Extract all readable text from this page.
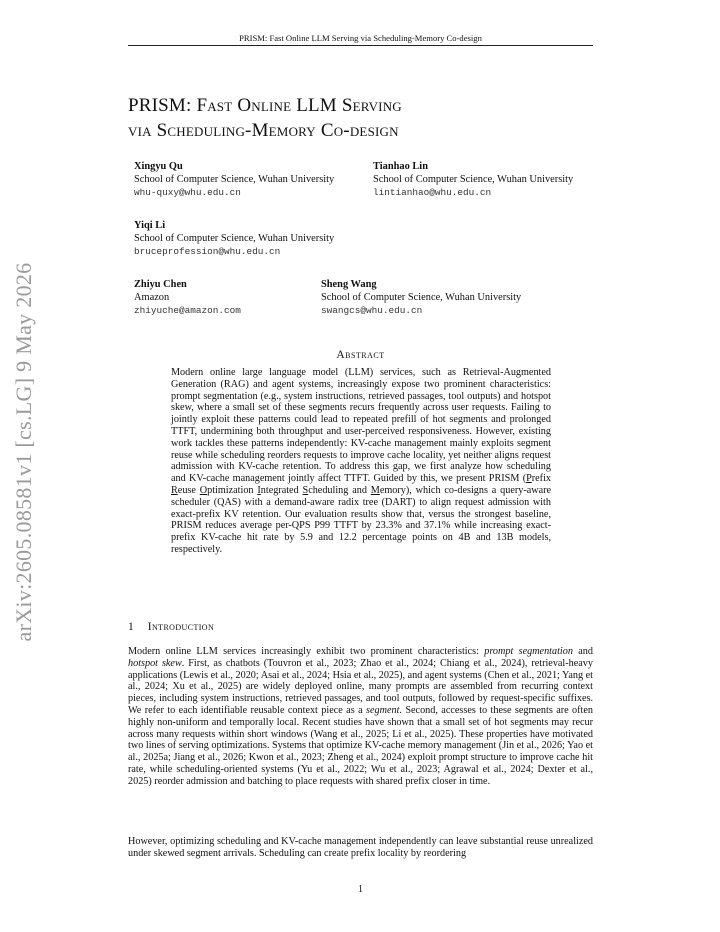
PRISM: Fast Online LLM Serving via Scheduling-Memory Co-design
PRISM: Fast Online LLM Serving
via Scheduling-Memory Co-design
Xingyu Qu
School of Computer Science, Wuhan University
whu-quxy@whu.edu.cn
Tianhao Lin
School of Computer Science, Wuhan University
lintianhao@whu.edu.cn
Yiqi Li
School of Computer Science, Wuhan University
bruceprofession@whu.edu.cn
Zhiyu Chen
Amazon
zhiyuche@amazon.com
Sheng Wang
School of Computer Science, Wuhan University
swangcs@whu.edu.cn
arXiv:2605.08581v1 [cs.LG] 9 May 2026	Abstract
Modern online large language model (LLM) services, such as Retrieval-Augmented Generation (RAG) and agent systems, increasingly expose two prominent characteristics: prompt segmentation (e.g., system instructions, retrieved passages, tool outputs) and hotspot skew, where a small set of these segments recurs frequently across user requests. Failing to jointly exploit these patterns could lead to repeated prefill of hot segments and prolonged TTFT, undermining both throughput and user-perceived responsiveness. However, existing work tackles these patterns independently: KV-cache management mainly exploits segment reuse while scheduling reorders requests to improve cache locality, yet neither aligns request admission with KV-cache retention. To address this gap, we first analyze how scheduling and KV-cache management jointly affect TTFT. Guided by this, we present PRISM (Prefix Reuse Optimization Integrated Scheduling and Memory), which co-designs a query-aware scheduler (QAS) with a demand-aware radix tree (DART) to align request admission with exact-prefix KV retention. Our evaluation results show that, versus the strongest baseline, PRISM reduces average per-QPS P99 TTFT by 23.3% and 37.1% while increasing exact-prefix KV-cache hit rate by 5.9 and 12.2 percentage points on 4B and 13B models, respectively.
1 Introduction
Modern online LLM services increasingly exhibit two prominent characteristics: prompt segmentation and hotspot skew. First, as chatbots (Touvron et al., 2023; Zhao et al., 2024; Chiang et al., 2024), retrieval-heavy applications (Lewis et al., 2020; Asai et al., 2024; Hsia et al., 2025), and agent systems (Chen et al., 2021; Yang et al., 2024; Xu et al., 2025) are widely deployed online, many prompts are assembled from recurring context pieces, including system instructions, retrieved passages, and tool outputs, followed by request-specific suffixes. We refer to each identifiable reusable context piece as a segment. Second, accesses to these segments are often highly non-uniform and temporally local. Recent studies have shown that a small set of hot segments may recur across many requests within short windows (Wang et al., 2025; Li et al., 2025). These properties have motivated two lines of serving optimizations. Systems that optimize KV-cache memory management (Jin et al., 2026; Yao et al., 2025a; Jiang et al., 2026; Kwon et al., 2023; Zheng et al., 2024) exploit prompt structure to improve cache hit rate, while scheduling-oriented systems (Yu et al., 2022; Wu et al., 2023; Agrawal et al., 2024; Dexter et al., 2025) reorder admission and batching to place requests with shared prefix closer in time.
However, optimizing scheduling and KV-cache management independently can leave substantial reuse unrealized under skewed segment arrivals. Scheduling can create prefix locality by reordering
1
